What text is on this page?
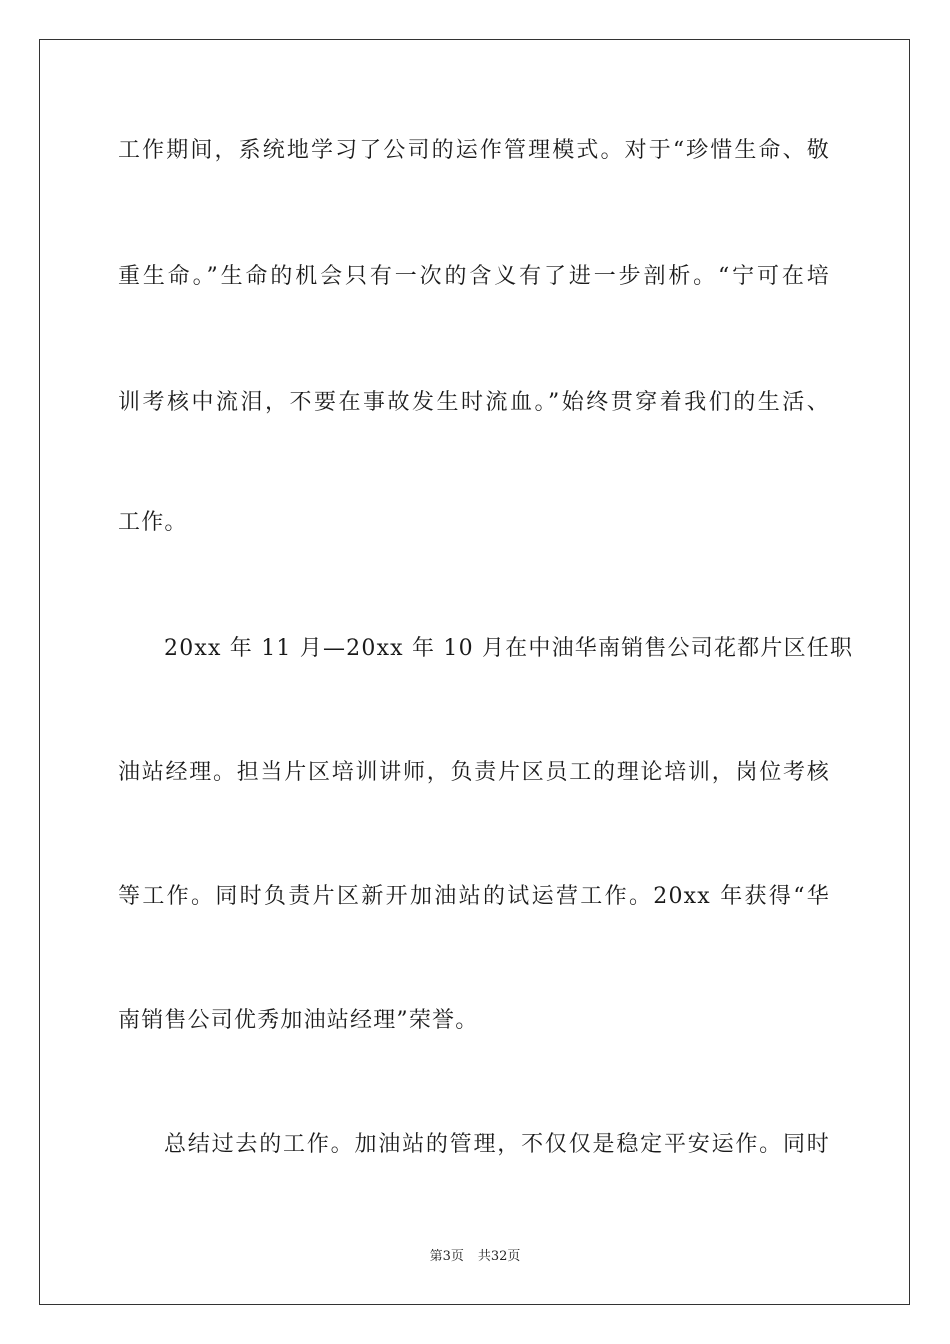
工作期间，系统地学习了公司的运作管理模式。对于“珍惜生命、敬
重生命。”生命的机会只有一次的含义有了进一步剖析。“宁可在培
训考核中流泪，不要在事故发生时流血。”始终贯穿着我们的生活、
工作。
20xx 年 11 月—20xx 年 10 月在中油华南销售公司花都片区任职
油站经理。担当片区培训讲师，负责片区员工的理论培训，岗位考核
等工作。同时负责片区新开加油站的试运营工作。20xx 年获得“华
南销售公司优秀加油站经理”荣誉。
总结过去的工作。加油站的管理，不仅仅是稳定平安运作。同时
第3页 共32页
